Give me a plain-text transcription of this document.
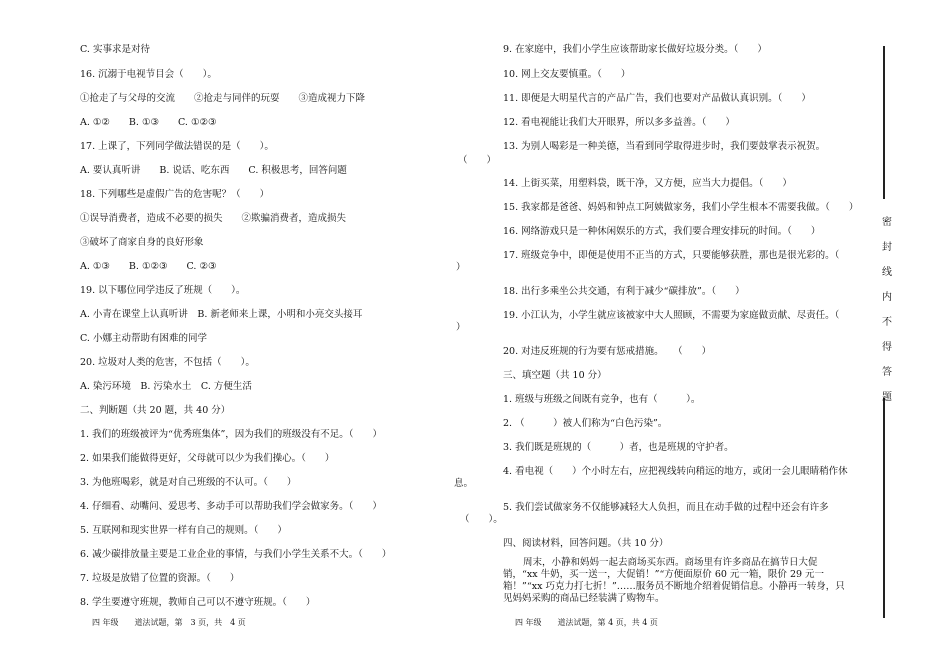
C. 实事求是对待
16. 沉溺于电视节目会（　　）。
①抢走了与父母的交流　　②抢走与同伴的玩耍　　③造成视力下降
A. ①②　　B. ①③　　C. ①②③
17. 上课了，下列同学做法错误的是（　　）。
A. 要认真听讲　　B. 说话、吃东西　　C. 积极思考，回答问题
18. 下列哪些是虚假广告的危害呢？（　　）
①误导消费者，造成不必要的损失　　②欺骗消费者，造成损失
③破坏了商家自身的良好形象
A. ①③　　B. ①②③　　C. ②③
19. 以下哪位同学违反了班规（　　）。
A. 小青在课堂上认真听讲　B. 新老师来上课，小明和小亮交头接耳
C. 小娜主动帮助有困难的同学
20. 垃圾对人类的危害，不包括（　　）。
A. 染污环境　B. 污染水土　C. 方便生活
二、判断题（共 20 题，共 40 分）
1. 我们的班级被评为“优秀班集体”，因为我们的班级没有不足。（　　）
2. 如果我们能做得更好，父母就可以少为我们操心。（　　）
3. 为他班喝彩，就是对自己班级的不认可。（　　）
4. 仔细看、动嘴问、爱思考、多动手可以帮助我们学会做家务。（　　）
5. 互联网和现实世界一样有自己的规则。（　　）
6. 减少碳排放量主要是工业企业的事情，与我们小学生关系不大。（　　）
7. 垃圾是放错了位置的资源。（　　）
8. 学生要遵守班规，教师自己可以不遵守班规。（　　）
四 年级　　道法试题，第　3 页，共　4 页
9. 在家庭中，我们小学生应该帮助家长做好垃圾分类。（　　）
10. 网上交友要慎重。（　　）
11. 即便是大明星代言的产品广告，我们也要对产品做认真识别。（　　）
12. 看电视能让我们大开眼界，所以多多益善。（　　）
13. 为别人喝彩是一种美德，当看到同学取得进步时，我们要鼓掌表示祝贺。
（　　）
14. 上街买菜，用塑料袋，既干净，又方便，应当大力提倡。（　　）
15. 我家都是爸爸、妈妈和钟点工阿姨做家务，我们小学生根本不需要我做。（　　）
16. 网络游戏只是一种休闲娱乐的方式，我们要合理安排玩的时间。（　　）
17. 班级竞争中，即便是使用不正当的方式，只要能够获胜，那也是很光彩的。（
）
18. 出行多乘坐公共交通，有利于减少“碳排放”。（　　）
19. 小江认为，小学生就应该被家中大人照顾，不需要为家庭做贡献、尽责任。（
）
20. 对违反班规的行为要有惩戒措施。　　（　　）
三、填空题（共 10 分）
1. 班级与班级之间既有竞争，也有（　　　）。
2. （　　　）被人们称为“白色污染”。
3. 我们既是班规的（　　　）者，也是班规的守护者。
4. 看电视（　　）个小时左右，应把视线转向稍远的地方，或闭一会儿眼睛稍作休
息。
5. 我们尝试做家务不仅能够减轻大人负担，而且在动手做的过程中还会有许多
（　　）。
四、阅读材料，回答问题。（共 10 分）
周末，小静和妈妈一起去商场买东西。商场里有许多商品在搞节日大促销，“xx 牛奶，买一送一，大促销！”“方便面原价 60 元一箱，限价 29 元一箱！”“xx 巧克力打七折！”……服务员不断地介绍着促销信息。小静再一转身，只见妈妈采购的商品已经装满了购物车。
四 年级　　道法试题，第 4 页，共 4 页
密
封
线
内
不
得
答
题
